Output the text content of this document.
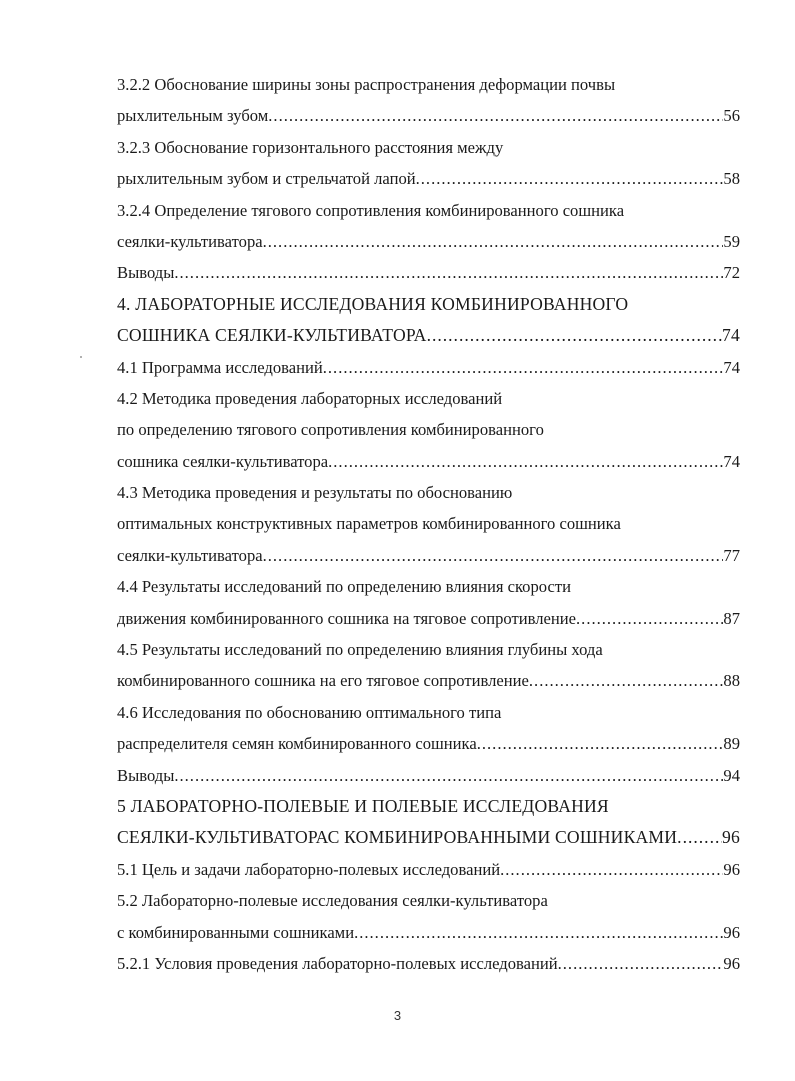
3.2.2 Обоснование ширины зоны распространения деформации почвы
рыхлительным зубом .....	56
3.2.3 Обоснование горизонтального расстояния между
рыхлительным зубом и стрельчатой лапой .....	58
3.2.4 Определение тягового сопротивления комбинированного сошника
сеялки-культиватора .....	59
Выводы .....	72
4. ЛАБОРАТОРНЫЕ ИССЛЕДОВАНИЯ КОМБИНИРОВАННОГО
СОШНИКА СЕЯЛКИ-КУЛЬТИВАТОРА .....	74
4.1 Программа исследований .....	74
4.2 Методика проведения лабораторных исследований
по определению тягового сопротивления комбинированного
сошника сеялки-культиватора .....	74
4.3 Методика проведения и результаты по обоснованию
оптимальных конструктивных параметров комбинированного сошника
сеялки-культиватора .....	77
4.4 Результаты исследований по определению влияния скорости
движения комбинированного сошника на тяговое сопротивление .....	87
4.5 Результаты исследований по определению влияния глубины хода
комбинированного сошника на его тяговое сопротивление .....	88
4.6 Исследования по обоснованию оптимального типа
распределителя семян комбинированного сошника .....	89
Выводы .....	94
5 ЛАБОРАТОРНО-ПОЛЕВЫЕ И ПОЛЕВЫЕ ИССЛЕДОВАНИЯ
СЕЯЛКИ-КУЛЬТИВАТОРАС КОМБИНИРОВАННЫМИ СОШНИКАМИ .....	96
5.1 Цель и задачи лабораторно-полевых исследований .....	96
5.2 Лабораторно-полевые исследования сеялки-культиватора
с комбинированными сошниками .....	96
5.2.1 Условия проведения лабораторно-полевых исследований .....	96
3
